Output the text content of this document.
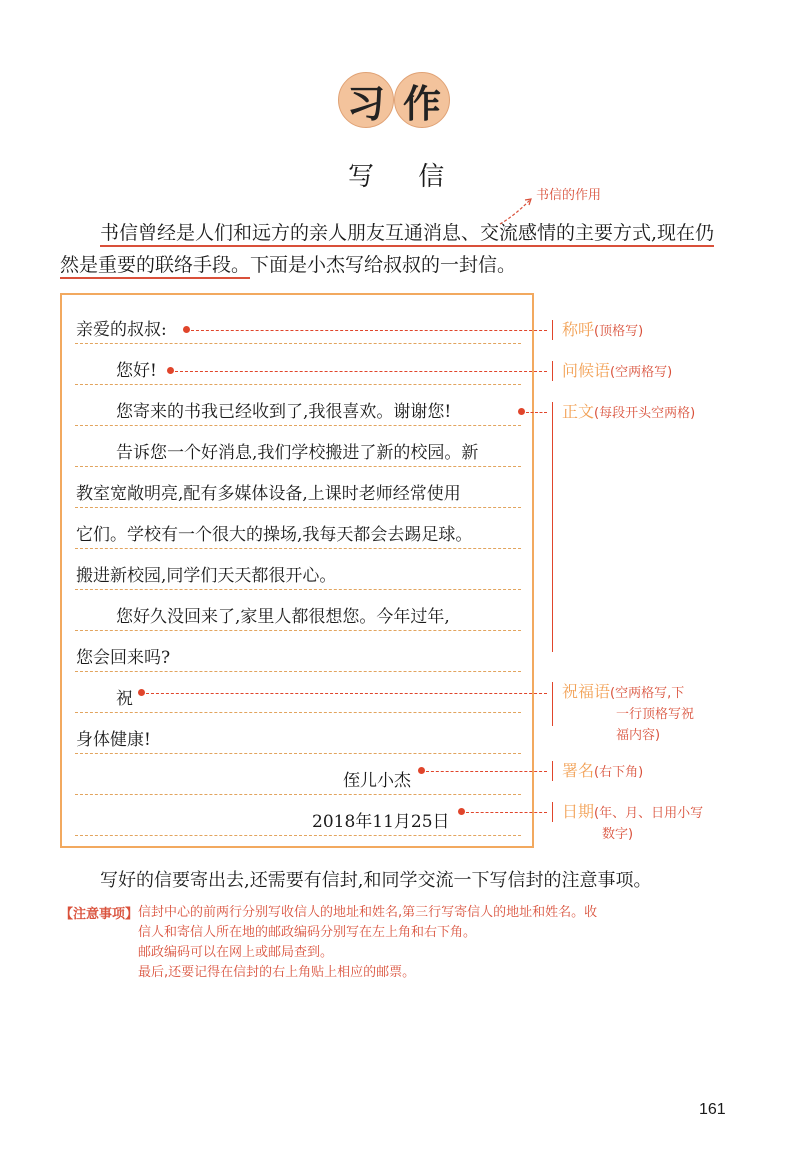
习 作
写 信
书信的作用
书信曾经是人们和远方的亲人朋友互通消息、交流感情的主要方式,现在仍
然是重要的联络手段。下面是小杰写给叔叔的一封信。
亲爱的叔叔:
您好!
您寄来的书我已经收到了,我很喜欢。谢谢您!
告诉您一个好消息,我们学校搬进了新的校园。新
教室宽敞明亮,配有多媒体设备,上课时老师经常使用
它们。学校有一个很大的操场,我每天都会去踢足球。
搬进新校园,同学们天天都很开心。
您好久没回来了,家里人都很想您。今年过年,
您会回来吗?
祝
身体健康!
侄儿小杰
2018年11月25日
称呼(顶格写)
问候语(空两格写)
正文(每段开头空两格)
祝福语(空两格写,下
一行顶格写祝
福内容)
署名(右下角)
日期(年、月、日用小写
数字)
写好的信要寄出去,还需要有信封,和同学交流一下写信封的注意事项。
【注意事项】 信封中心的前两行分别写收信人的地址和姓名,第三行写寄信人的地址和姓名。收
信人和寄信人所在地的邮政编码分别写在左上角和右下角。
邮政编码可以在网上或邮局查到。
最后,还要记得在信封的右上角贴上相应的邮票。
161
